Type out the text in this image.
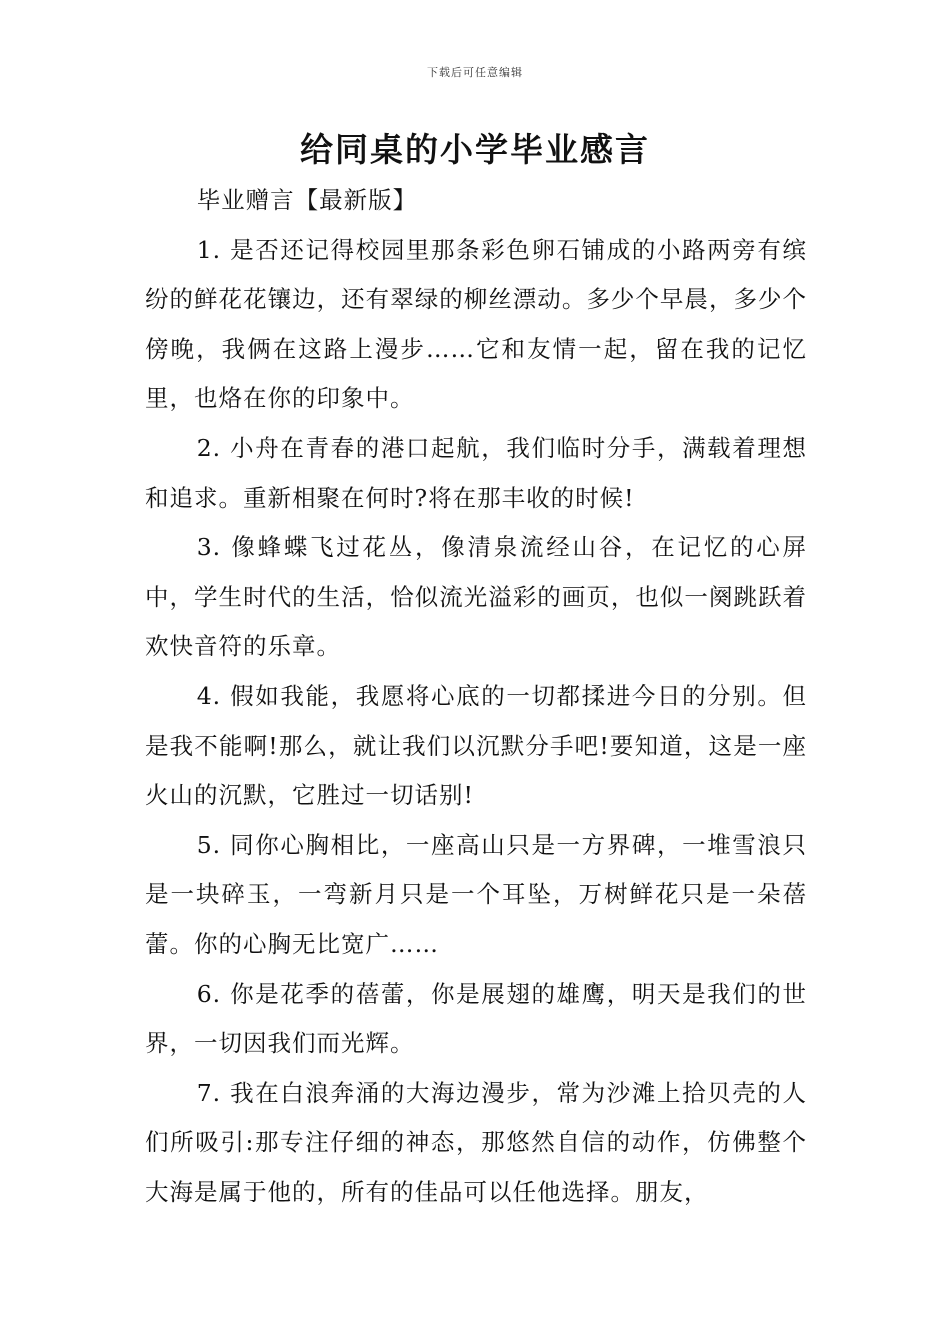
下载后可任意编辑
给同桌的小学毕业感言

毕业赠言【最新版】

1. 是否还记得校园里那条彩色卵石铺成的小路两旁有缤纷的鲜花花镶边，还有翠绿的柳丝漂动。多少个早晨，多少个傍晚，我俩在这路上漫步……它和友情一起，留在我的记忆里，也烙在你的印象中。

2. 小舟在青春的港口起航，我们临时分手，满载着理想和追求。重新相聚在何时?将在那丰收的时候!

3. 像蜂蝶飞过花丛，像清泉流经山谷，在记忆的心屏中，学生时代的生活，恰似流光溢彩的画页，也似一阕跳跃着欢快音符的乐章。

4. 假如我能，我愿将心底的一切都揉进今日的分别。但是我不能啊!那么，就让我们以沉默分手吧!要知道，这是一座火山的沉默，它胜过一切话别!

5. 同你心胸相比，一座高山只是一方界碑，一堆雪浪只是一块碎玉，一弯新月只是一个耳坠，万树鲜花只是一朵蓓蕾。你的心胸无比宽广……

6. 你是花季的蓓蕾，你是展翅的雄鹰，明天是我们的世界，一切因我们而光辉。

7. 我在白浪奔涌的大海边漫步，常为沙滩上拾贝壳的人们所吸引:那专注仔细的神态，那悠然自信的动作，仿佛整个大海是属于他的，所有的佳品可以任他选择。朋友，
